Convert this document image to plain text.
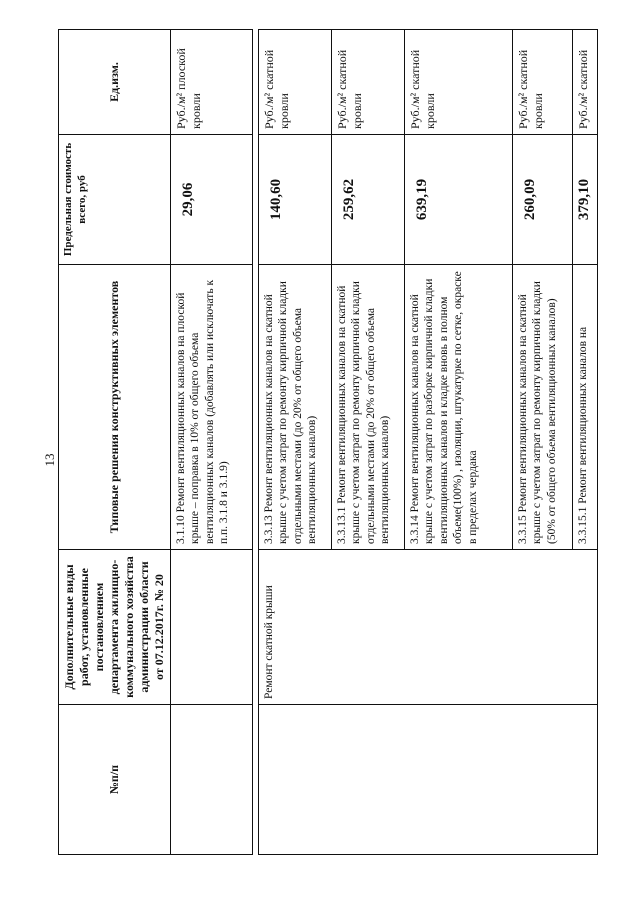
13
№п/п	Дополнительные виды работ, установленные постановлением департамента жилищно-коммунального хозяйства администрации области от 07.12.2017г. № 20	Типовые решения конструктивных элементов	Предельная стоимость всего, руб	Ед.изм.
		3.1.10 Ремонт вентиляционных каналов на плоской крыше – поправка в 10% от общего объема вентиляционных каналов (добавлять или исключать к п.п. 3.1.8 и 3.1.9)	29,06	Руб./м² плоской кровли

	Ремонт скатной крыши	3.3.13 Ремонт вентиляционных каналов на скатной крыше с учетом затрат по ремонту кирпичной кладки отдельными местами (до 20% от общего объема вентиляционных каналов)	140,60	Руб./м² скатной кровли
		3.3.13.1 Ремонт вентиляционных каналов на скатной крыше с учетом затрат по ремонту кирпичной кладки отдельными местами (до 20% от общего объема вентиляционных каналов)	259,62	Руб./м² скатной кровли
		3.3.14 Ремонт вентиляционных каналов на скатной крыше с учетом затрат по разборке кирпичной кладки вентиляционных каналов и кладке вновь в полном объеме(100%) , изоляции, штукатурке по сетке, окраске в пределах чердака	639,19	Руб./м² скатной кровли
		3.3.15 Ремонт вентиляционных каналов на скатной крыше с учетом затрат по ремонту кирпичной кладки (50% от общего объема вентиляционных каналов)	260,09	Руб./м² скатной кровли
		3.3.15.1 Ремонт вентиляционных каналов на	379,10	Руб./м² скатной
